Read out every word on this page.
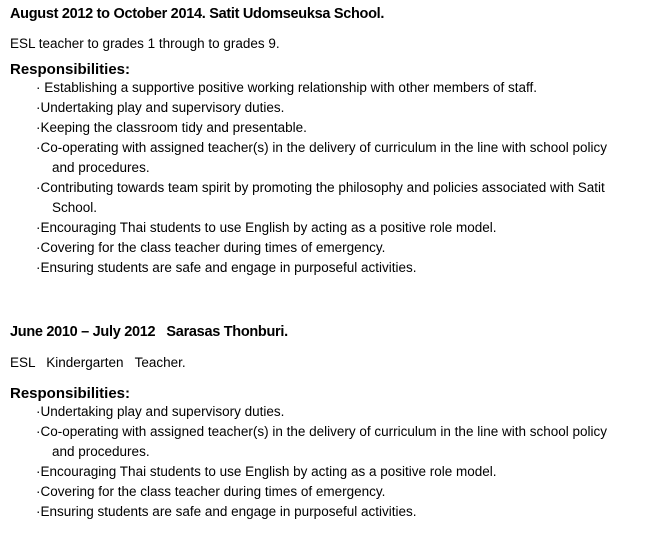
August 2012 to October 2014. Satit Udomseuksa School.

ESL teacher to grades 1 through to grades 9.

Responsibilities:

· Establishing a supportive positive working relationship with other members of staff.
·Undertaking play and supervisory duties.
·Keeping the classroom tidy and presentable.
·Co-operating with assigned teacher(s) in the delivery of curriculum in the line with school policy and procedures.
·Contributing towards team spirit by promoting the philosophy and policies associated with Satit School.
·Encouraging Thai students to use English by acting as a positive role model.
·Covering for the class teacher during times of emergency.
·Ensuring students are safe and engage in purposeful activities.

June 2010 – July 2012   Sarasas Thonburi.

ESL   Kindergarten   Teacher.

Responsibilities:

·Undertaking play and supervisory duties.
·Co-operating with assigned teacher(s) in the delivery of curriculum in the line with school policy and procedures.
·Encouraging Thai students to use English by acting as a positive role model.
·Covering for the class teacher during times of emergency.
·Ensuring students are safe and engage in purposeful activities.
